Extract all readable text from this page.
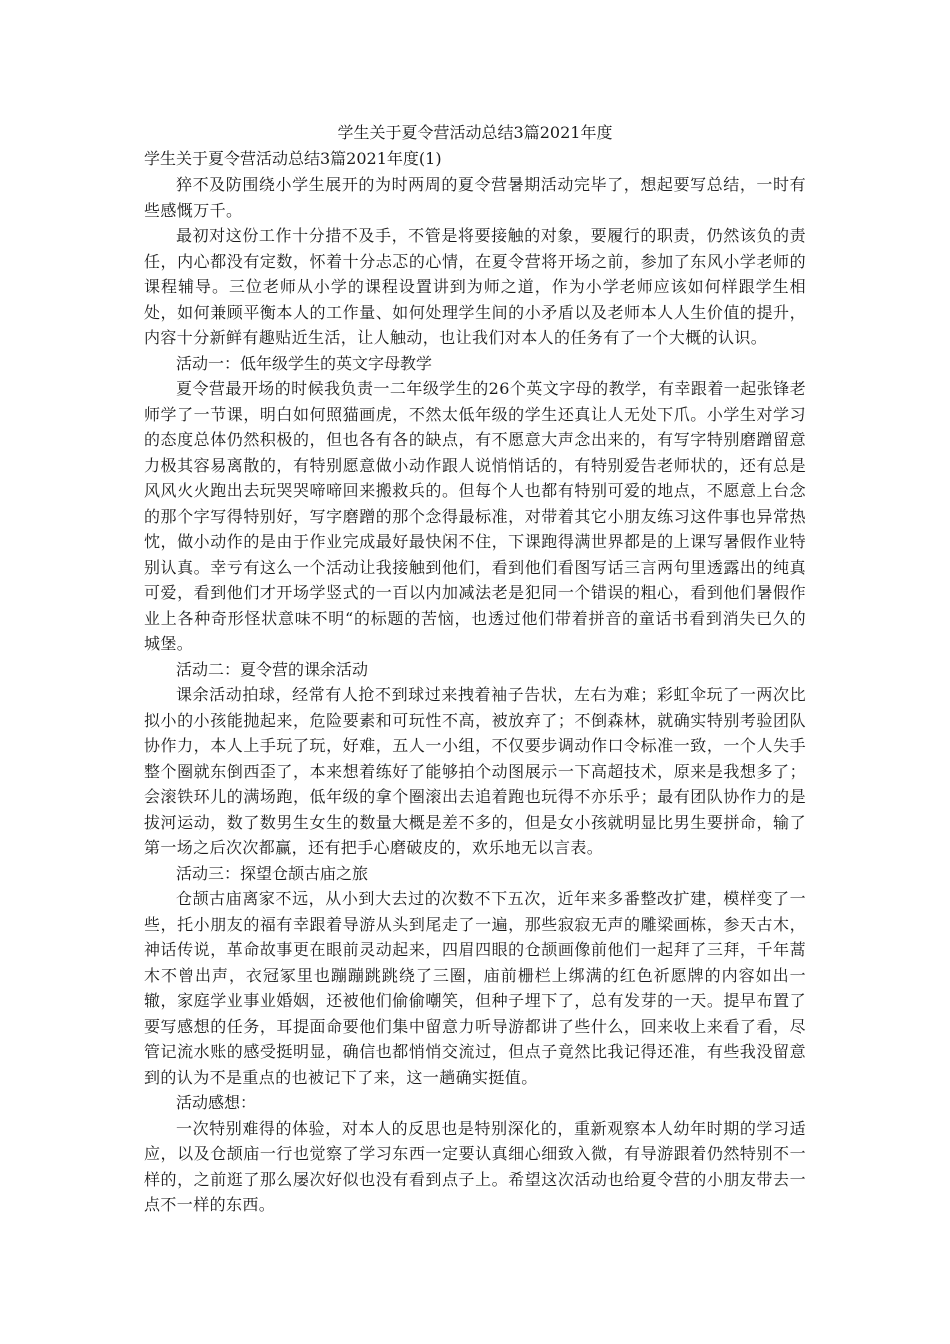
学生关于夏令营活动总结3篇2021年度
学生关于夏令营活动总结3篇2021年度(1)

猝不及防围绕小学生展开的为时两周的夏令营暑期活动完毕了，想起要写总结，一时有些感慨万千。

最初对这份工作十分措不及手，不管是将要接触的对象，要履行的职责，仍然该负的责任，内心都没有定数，怀着十分忐忑的心情，在夏令营将开场之前，参加了东风小学老师的课程辅导。三位老师从小学的课程设置讲到为师之道，作为小学老师应该如何样跟学生相处，如何兼顾平衡本人的工作量、如何处理学生间的小矛盾以及老师本人人生价值的提升，内容十分新鲜有趣贴近生活，让人触动，也让我们对本人的任务有了一个大概的认识。

活动一：低年级学生的英文字母教学

夏令营最开场的时候我负责一二年级学生的26个英文字母的教学，有幸跟着一起张锋老师学了一节课，明白如何照猫画虎，不然太低年级的学生还真让人无处下爪。小学生对学习的态度总体仍然积极的，但也各有各的缺点，有不愿意大声念出来的，有写字特别磨蹭留意力极其容易离散的，有特别愿意做小动作跟人说悄悄话的，有特别爱告老师状的，还有总是风风火火跑出去玩哭哭啼啼回来搬救兵的。但每个人也都有特别可爱的地点，不愿意上台念的那个字写得特别好，写字磨蹭的那个念得最标准，对带着其它小朋友练习这件事也异常热忱，做小动作的是由于作业完成最好最快闲不住，下课跑得满世界都是的上课写暑假作业特别认真。幸亏有这么一个活动让我接触到他们，看到他们看图写话三言两句里透露出的纯真可爱，看到他们才开场学竖式的一百以内加减法老是犯同一个错误的粗心，看到他们暑假作业上各种奇形怪状意味不明“的标题的苦恼，也透过他们带着拼音的童话书看到消失已久的城堡。

活动二：夏令营的课余活动

课余活动拍球，经常有人抢不到球过来拽着袖子告状，左右为难；彩虹伞玩了一两次比拟小的小孩能抛起来，危险要素和可玩性不高，被放弃了；不倒森林，就确实特别考验团队协作力，本人上手玩了玩，好难，五人一小组，不仅要步调动作口令标准一致，一个人失手整个圈就东倒西歪了，本来想着练好了能够拍个动图展示一下高超技术，原来是我想多了；会滚铁环儿的满场跑，低年级的拿个圈滚出去追着跑也玩得不亦乐乎；最有团队协作力的是拔河运动，数了数男生女生的数量大概是差不多的，但是女小孩就明显比男生要拼命，输了第一场之后次次都赢，还有把手心磨破皮的，欢乐地无以言表。

活动三：探望仓颉古庙之旅

仓颉古庙离家不远，从小到大去过的次数不下五次，近年来多番整改扩建，模样变了一些，托小朋友的福有幸跟着导游从头到尾走了一遍，那些寂寂无声的雕梁画栋，参天古木，神话传说，革命故事更在眼前灵动起来，四眉四眼的仓颉画像前他们一起拜了三拜，千年蒿木不曾出声，衣冠冢里也蹦蹦跳跳绕了三圈，庙前栅栏上绑满的红色祈愿牌的内容如出一辙，家庭学业事业婚姻，还被他们偷偷嘲笑，但种子埋下了，总有发芽的一天。提早布置了要写感想的任务，耳提面命要他们集中留意力听导游都讲了些什么，回来收上来看了看，尽管记流水账的感受挺明显，确信也都悄悄交流过，但点子竟然比我记得还准，有些我没留意到的认为不是重点的也被记下了来，这一趟确实挺值。

活动感想：

一次特别难得的体验，对本人的反思也是特别深化的，重新观察本人幼年时期的学习适应，以及仓颉庙一行也觉察了学习东西一定要认真细心细致入微，有导游跟着仍然特别不一样的，之前逛了那么屡次好似也没有看到点子上。希望这次活动也给夏令营的小朋友带去一点不一样的东西。
